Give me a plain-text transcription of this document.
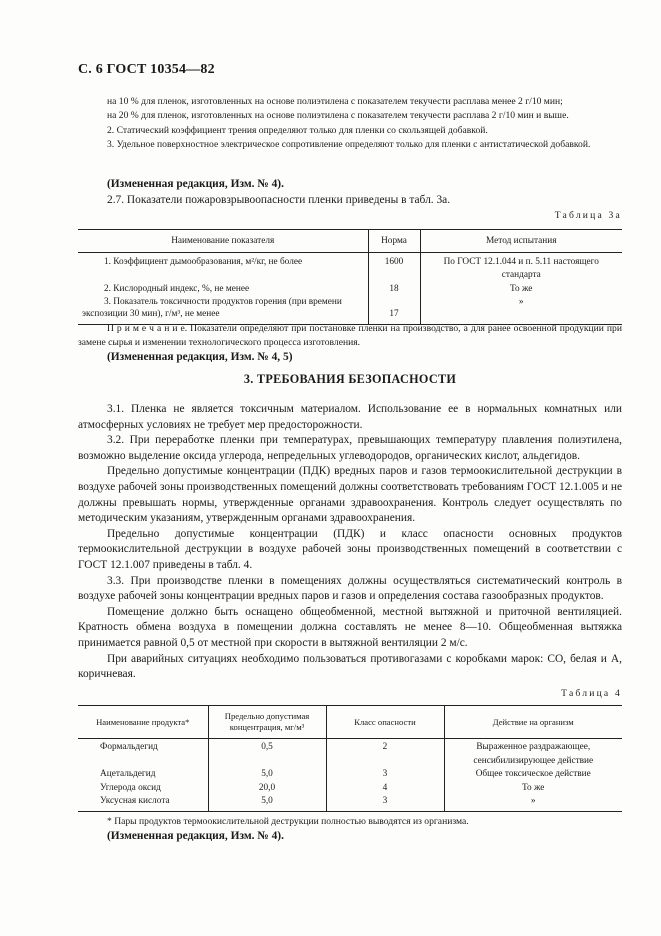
С. 6 ГОСТ 10354—82

на 10 % для пленок, изготовленных на основе полиэтилена с показателем текучести расплава менее 2 г/10 мин;

на 20 % для пленок, изготовленных на основе полиэтилена с показателем текучести расплава 2 г/10 мин и выше.

2. Статический коэффициент трения определяют только для пленки со скользящей добавкой.

3. Удельное поверхностное электрическое сопротивление определяют только для пленки с антистатической добавкой.

(Измененная редакция, Изм. № 4).

2.7. Показатели пожаровзрывоопасности пленки приведены в табл. 3а.

Таблица 3а
Наименование показателя	Норма	Метод испытания
1. Коэффициент дымообразования, м²/кг, не более	1600	По ГОСТ 12.1.044 и п. 5.11 настоящего стандарта
2. Кислородный индекс, %, не менее	18	То же
3. Показатель токсичности продуктов горения (при времени экспозиции 30 мин), г/м³, не менее	17	»

П р и м е ч а н и е. Показатели определяют при постановке пленки на производство, а для ранее освоенной продукции при замене сырья и изменении технологического процесса изготовления.

(Измененная редакция, Изм. № 4, 5)

3. ТРЕБОВАНИЯ БЕЗОПАСНОСТИ

3.1. Пленка не является токсичным материалом. Использование ее в нормальных комнатных или атмосферных условиях не требует мер предосторожности.

3.2. При переработке пленки при температурах, превышающих температуру плавления полиэтилена, возможно выделение оксида углерода, непредельных углеводородов, органических кислот, альдегидов.

Предельно допустимые концентрации (ПДК) вредных паров и газов термоокислительной деструкции в воздухе рабочей зоны производственных помещений должны соответствовать требованиям ГОСТ 12.1.005 и не должны превышать нормы, утвержденные органами здравоохранения. Контроль следует осуществлять по методическим указаниям, утвержденным органами здравоохранения.

Предельно допустимые концентрации (ПДК) и класс опасности основных продуктов термоокислительной деструкции в воздухе рабочей зоны производственных помещений в соответствии с ГОСТ 12.1.007 приведены в табл. 4.

3.3. При производстве пленки в помещениях должны осуществляться систематический контроль в воздухе рабочей зоны концентрации вредных паров и газов и определения состава газообразных продуктов.

Помещение должно быть оснащено общеобменной, местной вытяжной и приточной вентиляцией. Кратность обмена воздуха в помещении должна составлять не менее 8—10. Общеобменная вытяжка принимается равной 0,5 от местной при скорости в вытяжной вентиляции 2 м/с.

При аварийных ситуациях необходимо пользоваться противогазами с коробками марок: СО, белая и А, коричневая.

Таблица 4
Наименование продукта*	Предельно допустимая концентрация, мг/м³	Класс опасности	Действие на организм
Формальдегид	0,5	2	Выраженное раздражающее, сенсибилизирующее действие
Ацетальдегид	5,0	3	Общее токсическое действие
Углерода оксид	20,0	4	То же
Уксусная кислота	5,0	3	»

* Пары продуктов термоокислительной деструкции полностью выводятся из организма.

(Измененная редакция, Изм. № 4).
